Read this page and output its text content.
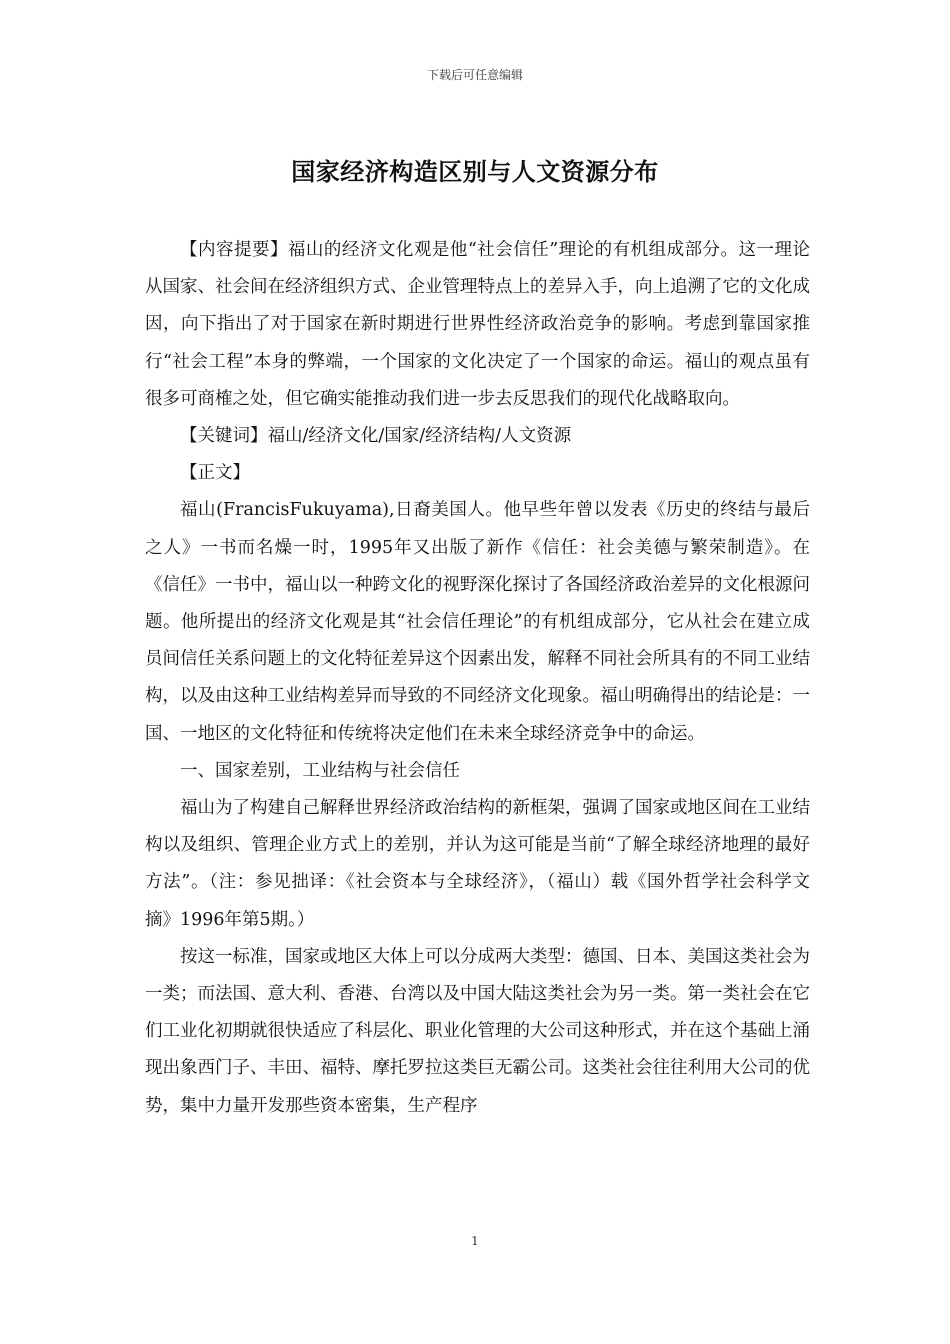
下载后可任意编辑
国家经济构造区别与人文资源分布

【内容提要】福山的经济文化观是他“社会信任”理论的有机组成部分。这一理论从国家、社会间在经济组织方式、企业管理特点上的差异入手，向上追溯了它的文化成因，向下指出了对于国家在新时期进行世界性经济政治竞争的影响。考虑到靠国家推行“社会工程”本身的弊端，一个国家的文化决定了一个国家的命运。福山的观点虽有很多可商榷之处，但它确实能推动我们进一步去反思我们的现代化战略取向。

【关键词】福山/经济文化/国家/经济结构/人文资源

【正文】

福山(FrancisFukuyama),日裔美国人。他早些年曾以发表《历史的终结与最后之人》一书而名燥一时，1995年又出版了新作《信任：社会美德与繁荣制造》。在《信任》一书中，福山以一种跨文化的视野深化探讨了各国经济政治差异的文化根源问题。他所提出的经济文化观是其“社会信任理论”的有机组成部分，它从社会在建立成员间信任关系问题上的文化特征差异这个因素出发，解释不同社会所具有的不同工业结构，以及由这种工业结构差异而导致的不同经济文化现象。福山明确得出的结论是：一国、一地区的文化特征和传统将决定他们在未来全球经济竞争中的命运。

一、国家差别，工业结构与社会信任

福山为了构建自己解释世界经济政治结构的新框架，强调了国家或地区间在工业结构以及组织、管理企业方式上的差别，并认为这可能是当前“了解全球经济地理的最好方法”。（注：参见拙译：《社会资本与全球经济》，（福山）载《国外哲学社会科学文摘》1996年第5期。）

按这一标准，国家或地区大体上可以分成两大类型：德国、日本、美国这类社会为一类；而法国、意大利、香港、台湾以及中国大陆这类社会为另一类。第一类社会在它们工业化初期就很快适应了科层化、职业化管理的大公司这种形式，并在这个基础上涌现出象西门子、丰田、福特、摩托罗拉这类巨无霸公司。这类社会往往利用大公司的优势，集中力量开发那些资本密集，生产程序

1
